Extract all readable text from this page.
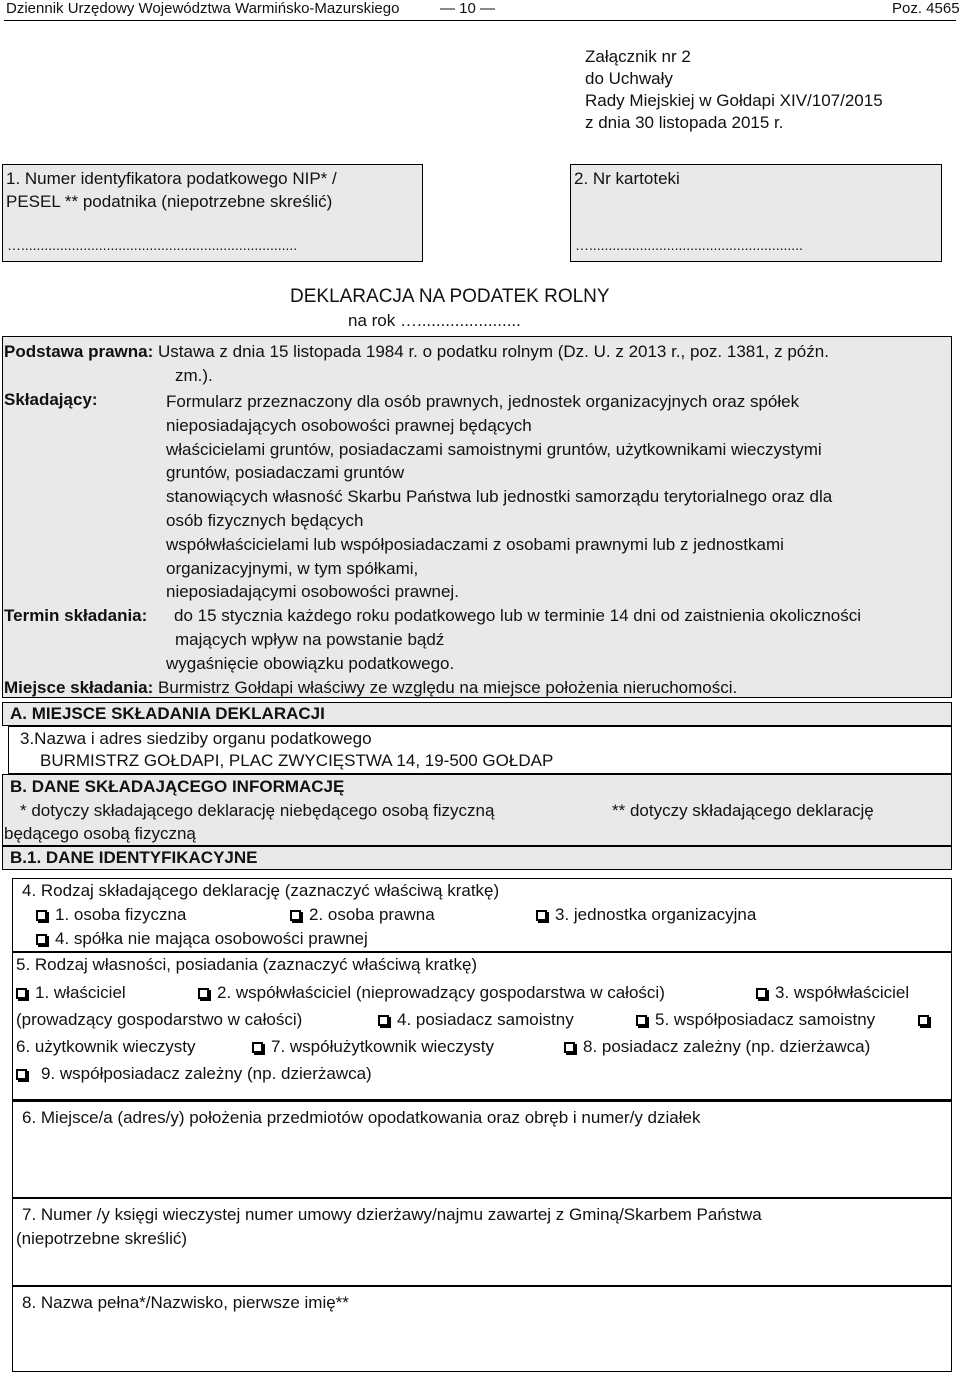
Dziennik Urzędowy Województwa Warmińsko-Mazurskiego	— 10 —	Poz. 4565
Załącznik nr 2
do Uchwały
Rady Miejskiej w Gołdapi XIV/107/2015
z dnia 30 listopada 2015 r.
1. Numer identyfikatora podatkowego NIP* /
PESEL ** podatnika (niepotrzebne skreślić)
….......................................................................
2. Nr kartoteki
….......................................................
DEKLARACJA NA PODATEK ROLNY
na rok …......................
Podstawa prawna: Ustawa z dnia 15 listopada 1984 r. o podatku rolnym (Dz. U. z 2013 r., poz. 1381, z późn.
zm.).
Składający:	Formularz przeznaczony dla osób prawnych, jednostek organizacyjnych oraz spółek
nieposiadających osobowości prawnej będących
właścicielami gruntów, posiadaczami samoistnymi gruntów, użytkownikami wieczystymi
gruntów, posiadaczami gruntów
stanowiących własność Skarbu Państwa lub jednostki samorządu terytorialnego oraz dla
osób fizycznych będących
współwłaścicielami lub współposiadaczami z osobami prawnymi lub z jednostkami
organizacyjnymi, w tym spółkami,
nieposiadającymi osobowości prawnej.
Termin składania: do 15 stycznia każdego roku podatkowego lub w terminie 14 dni od zaistnienia okoliczności
mających wpływ na powstanie bądź
wygaśnięcie obowiązku podatkowego.
Miejsce składania: Burmistrz Gołdapi właściwy ze względu na miejsce położenia nieruchomości.
A. MIEJSCE SKŁADANIA DEKLARACJI
3.Nazwa i adres siedziby organu podatkowego
BURMISTRZ GOŁDAPI, PLAC ZWYCIĘSTWA 14, 19-500 GOŁDAP
B. DANE SKŁADAJĄCEGO INFORMACJĘ
* dotyczy składającego deklarację niebędącego osobą fizyczną	** dotyczy składającego deklarację
będącego osobą fizyczną
B.1. DANE IDENTYFIKACYJNE
4. Rodzaj składającego deklarację (zaznaczyć właściwą kratkę)
1. osoba fizyczna	2. osoba prawna	3. jednostka organizacyjna
4. spółka nie mająca osobowości prawnej
5. Rodzaj własności, posiadania (zaznaczyć właściwą kratkę)
1. właściciel	2. współwłaściciel (nieprowadzący gospodarstwa w całości)	3. współwłaściciel
(prowadzący gospodarstwo w całości)	4. posiadacz samoistny	5. współposiadacz samoistny
6. użytkownik wieczysty	7. współużytkownik wieczysty	8. posiadacz zależny (np. dzierżawca)
9. współposiadacz zależny (np. dzierżawca)
6. Miejsce/a (adres/y) położenia przedmiotów opodatkowania oraz obręb i numer/y działek
7. Numer /y księgi wieczystej numer umowy dzierżawy/najmu zawartej z Gminą/Skarbem Państwa
(niepotrzebne skreślić)
8. Nazwa pełna*/Nazwisko, pierwsze imię**
